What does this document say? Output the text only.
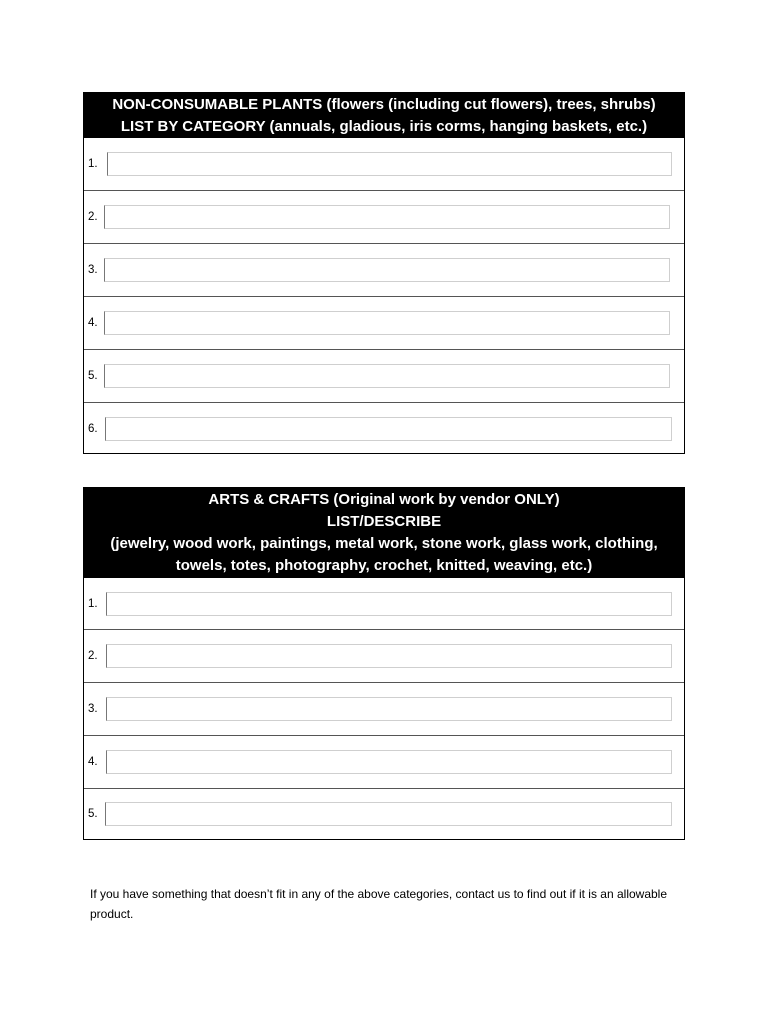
NON-CONSUMABLE PLANTS (flowers (including cut flowers), trees, shrubs)
LIST BY CATEGORY (annuals, gladious, iris corms, hanging baskets, etc.)
1.
2.
3.
4.
5.
6.
ARTS & CRAFTS (Original work by vendor ONLY)
LIST/DESCRIBE
(jewelry, wood work, paintings, metal work, stone work, glass work, clothing,
towels, totes, photography, crochet, knitted, weaving, etc.)
1.
2.
3.
4.
5.

If you have something that doesn’t fit in any of the above categories, contact us to find out if it is an allowable product.
